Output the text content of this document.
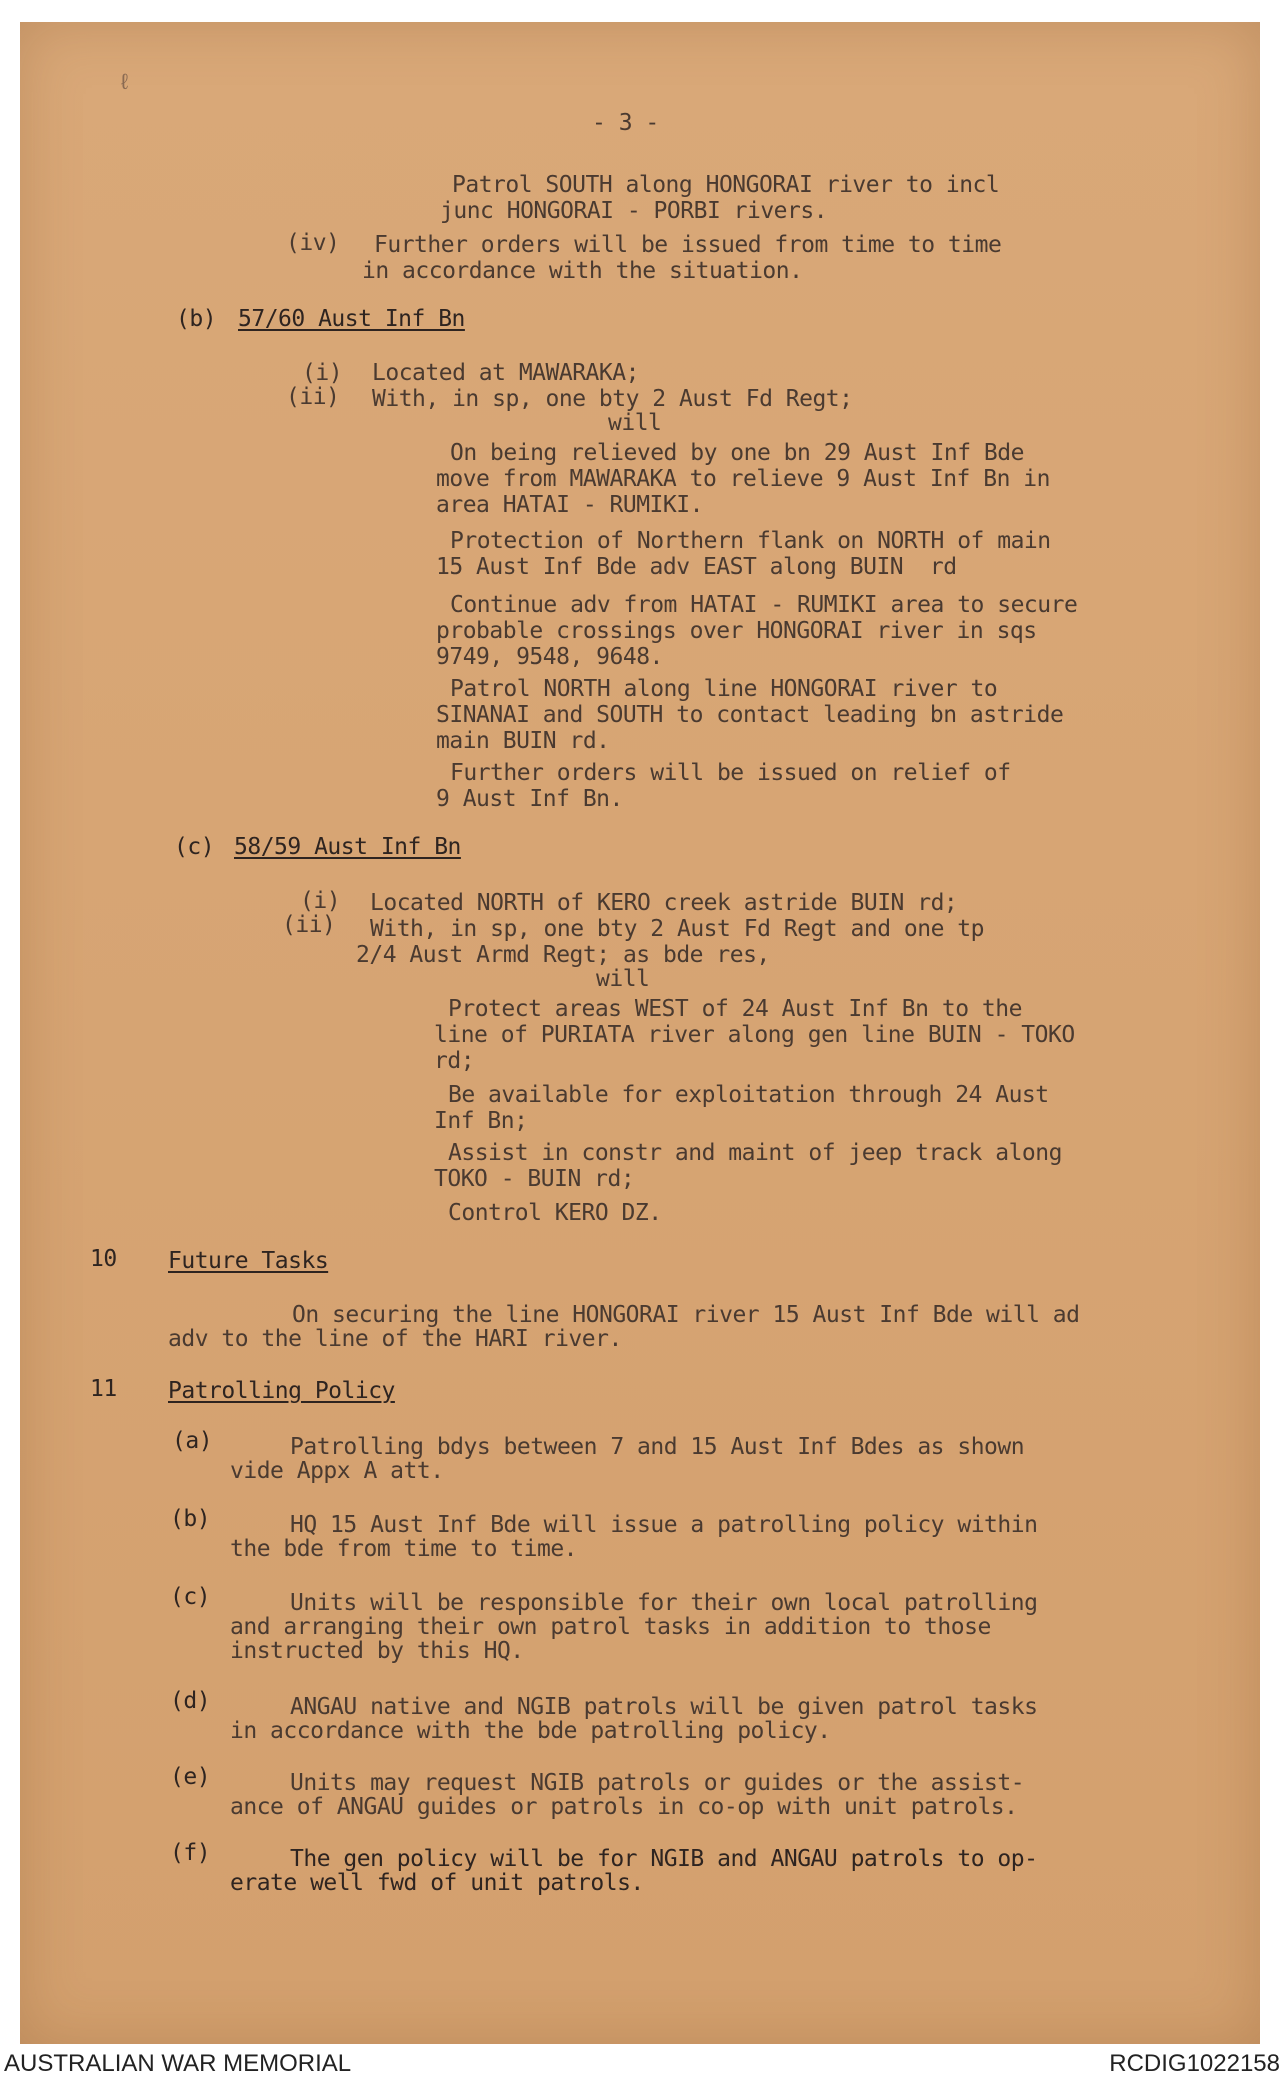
- 3 -
ℓ
Patrol SOUTH along HONGORAI river to incl
junc HONGORAI - PORBI rivers.
(iv) Further orders will be issued from time to time
in accordance with the situation.
(b) 57/60 Aust Inf Bn
(i) Located at MAWARAKA;
(ii) With, in sp, one bty 2 Aust Fd Regt;
will
On being relieved by one bn 29 Aust Inf Bde
move from MAWARAKA to relieve 9 Aust Inf Bn in
area HATAI - RUMIKI.
Protection of Northern flank on NORTH of main
15 Aust Inf Bde adv EAST along BUIN  rd
Continue adv from HATAI - RUMIKI area to secure
probable crossings over HONGORAI river in sqs
9749, 9548, 9648.
Patrol NORTH along line HONGORAI river to
SINANAI and SOUTH to contact leading bn astride
main BUIN rd.
Further orders will be issued on relief of
9 Aust Inf Bn.
(c) 58/59 Aust Inf Bn
(i) Located NORTH of KERO creek astride BUIN rd;
(ii) With, in sp, one bty 2 Aust Fd Regt and one tp
2/4 Aust Armd Regt; as bde res,
will
Protect areas WEST of 24 Aust Inf Bn to the
line of PURIATA river along gen line BUIN - TOKO
rd;
Be available for exploitation through 24 Aust
Inf Bn;
Assist in constr and maint of jeep track along
TOKO - BUIN rd;
Control KERO DZ.
10 Future Tasks
On securing the line HONGORAI river 15 Aust Inf Bde will ad
adv to the line of the HARI river.
11 Patrolling Policy
(a)	Patrolling bdys between 7 and 15 Aust Inf Bdes as shown
vide Appx A att.
(b)	HQ 15 Aust Inf Bde will issue a patrolling policy within
the bde from time to time.
(c)	Units will be responsible for their own local patrolling
and arranging their own patrol tasks in addition to those
instructed by this HQ.
(d)	ANGAU native and NGIB patrols will be given patrol tasks
in accordance with the bde patrolling policy.
(e)	Units may request NGIB patrols or guides or the assist-
ance of ANGAU guides or patrols in co-op with unit patrols.
(f)	The gen policy will be for NGIB and ANGAU patrols to op-
erate well fwd of unit patrols.
AUSTRALIAN WAR MEMORIAL	RCDIG1022158
